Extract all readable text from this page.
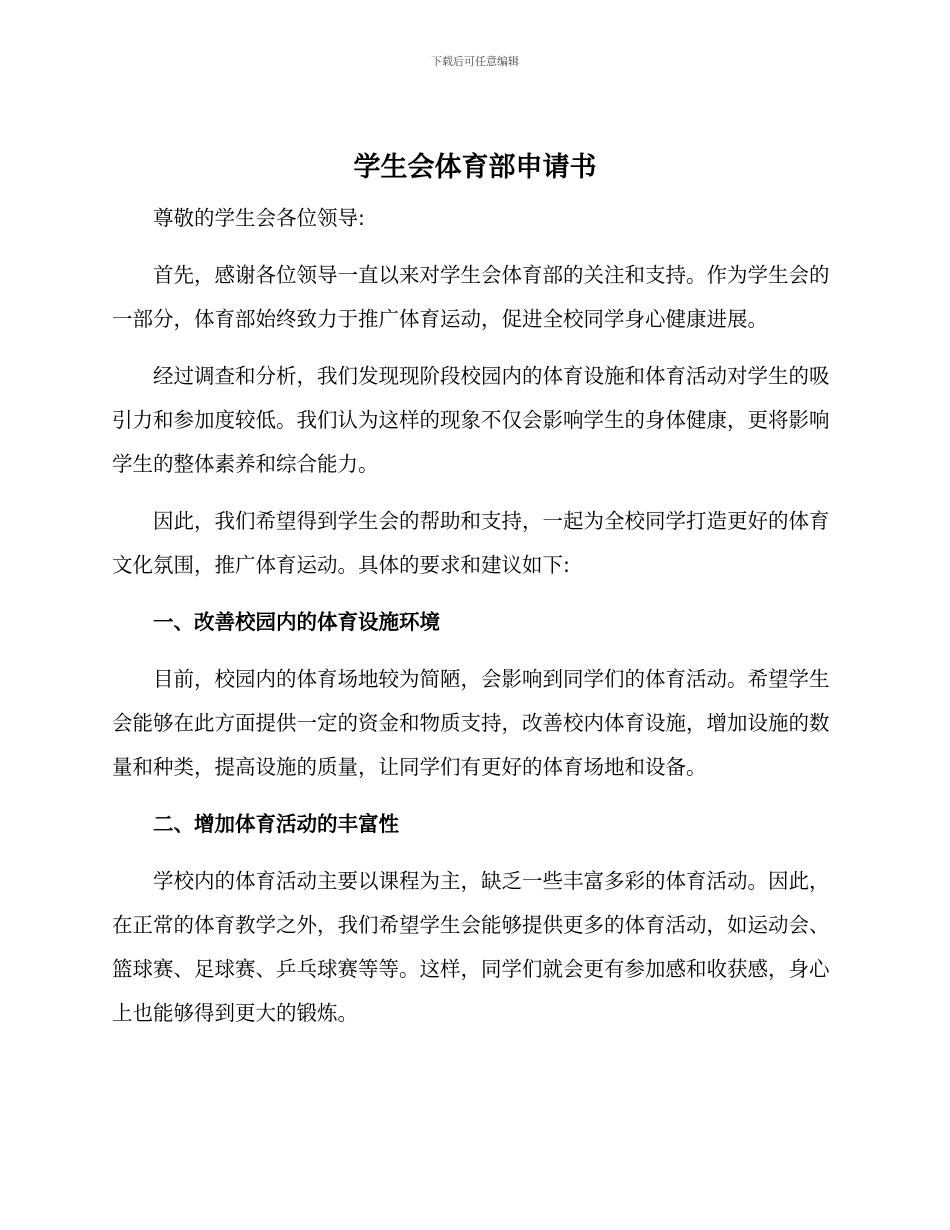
下载后可任意编辑
学生会体育部申请书

尊敬的学生会各位领导:

首先，感谢各位领导一直以来对学生会体育部的关注和支持。作为学生会的一部分，体育部始终致力于推广体育运动，促进全校同学身心健康进展。

经过调查和分析，我们发现现阶段校园内的体育设施和体育活动对学生的吸引力和参加度较低。我们认为这样的现象不仅会影响学生的身体健康，更将影响学生的整体素养和综合能力。

因此，我们希望得到学生会的帮助和支持，一起为全校同学打造更好的体育文化氛围，推广体育运动。具体的要求和建议如下:

一、改善校园内的体育设施环境

目前，校园内的体育场地较为简陋，会影响到同学们的体育活动。希望学生会能够在此方面提供一定的资金和物质支持，改善校内体育设施，增加设施的数量和种类，提高设施的质量，让同学们有更好的体育场地和设备。

二、增加体育活动的丰富性

学校内的体育活动主要以课程为主，缺乏一些丰富多彩的体育活动。因此，在正常的体育教学之外，我们希望学生会能够提供更多的体育活动，如运动会、篮球赛、足球赛、乒乓球赛等等。这样，同学们就会更有参加感和收获感，身心上也能够得到更大的锻炼。
